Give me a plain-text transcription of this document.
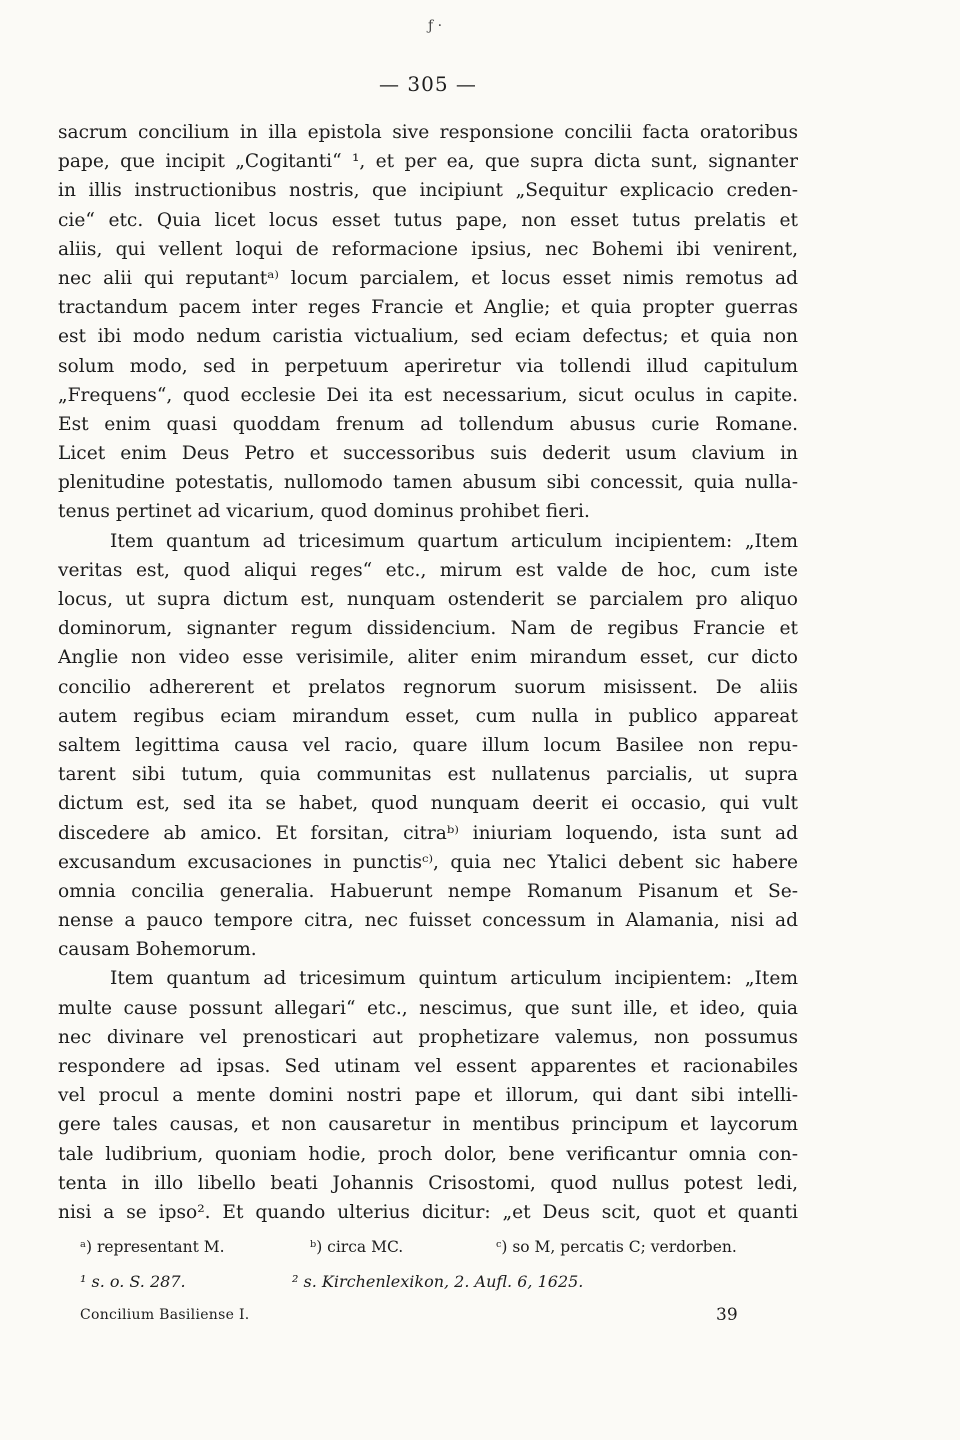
ƒ ·
— 305 —
sacrum concilium in illa epistola sive responsione concilii facta oratoribus
pape, que incipit „Cogitanti“ ¹, et per ea, que supra dicta sunt, signanter
in illis instructionibus nostris, que incipiunt „Sequitur explicacio creden-
cie“ etc. Quia licet locus esset tutus pape, non esset tutus prelatis et
aliis, qui vellent loqui de reformacione ipsius, nec Bohemi ibi venirent,
nec alii qui reputantᵃ⁾ locum parcialem, et locus esset nimis remotus ad
tractandum pacem inter reges Francie et Anglie; et quia propter guerras
est ibi modo nedum caristia victualium, sed eciam defectus; et quia non
solum modo, sed in perpetuum aperiretur via tollendi illud capitulum
„Frequens“, quod ecclesie Dei ita est necessarium, sicut oculus in capite.
Est enim quasi quoddam frenum ad tollendum abusus curie Romane.
Licet enim Deus Petro et successoribus suis dederit usum clavium in
plenitudine potestatis, nullomodo tamen abusum sibi concessit, quia nulla-
tenus pertinet ad vicarium, quod dominus prohibet fieri.
Item quantum ad tricesimum quartum articulum incipientem: „Item
veritas est, quod aliqui reges“ etc., mirum est valde de hoc, cum iste
locus, ut supra dictum est, nunquam ostenderit se parcialem pro aliquo
dominorum, signanter regum dissidencium. Nam de regibus Francie et
Anglie non video esse verisimile, aliter enim mirandum esset, cur dicto
concilio adhererent et prelatos regnorum suorum misissent. De aliis
autem regibus eciam mirandum esset, cum nulla in publico appareat
saltem legittima causa vel racio, quare illum locum Basilee non repu-
tarent sibi tutum, quia communitas est nullatenus parcialis, ut supra
dictum est, sed ita se habet, quod nunquam deerit ei occasio, qui vult
discedere ab amico. Et forsitan, citraᵇ⁾ iniuriam loquendo, ista sunt ad
excusandum excusaciones in punctisᶜ⁾, quia nec Ytalici debent sic habere
omnia concilia generalia. Habuerunt nempe Romanum Pisanum et Se-
nense a pauco tempore citra, nec fuisset concessum in Alamania, nisi ad
causam Bohemorum.
Item quantum ad tricesimum quintum articulum incipientem: „Item
multe cause possunt allegari“ etc., nescimus, que sunt ille, et ideo, quia
nec divinare vel prenosticari aut prophetizare valemus, non possumus
respondere ad ipsas. Sed utinam vel essent apparentes et racionabiles
vel procul a mente domini nostri pape et illorum, qui dant sibi intelli-
gere tales causas, et non causaretur in mentibus principum et laycorum
tale ludibrium, quoniam hodie, proch dolor, bene verificantur omnia con-
tenta in illo libello beati Johannis Crisostomi, quod nullus potest ledi,
nisi a se ipso². Et quando ulterius dicitur: „et Deus scit, quot et quanti
ᵃ) representant M.	ᵇ) circa MC.	ᶜ) so M, percatis C; verdorben.
¹ s. o. S. 287.	² s. Kirchenlexikon, 2. Aufl. 6, 1625.
Concilium Basiliense I.	39
